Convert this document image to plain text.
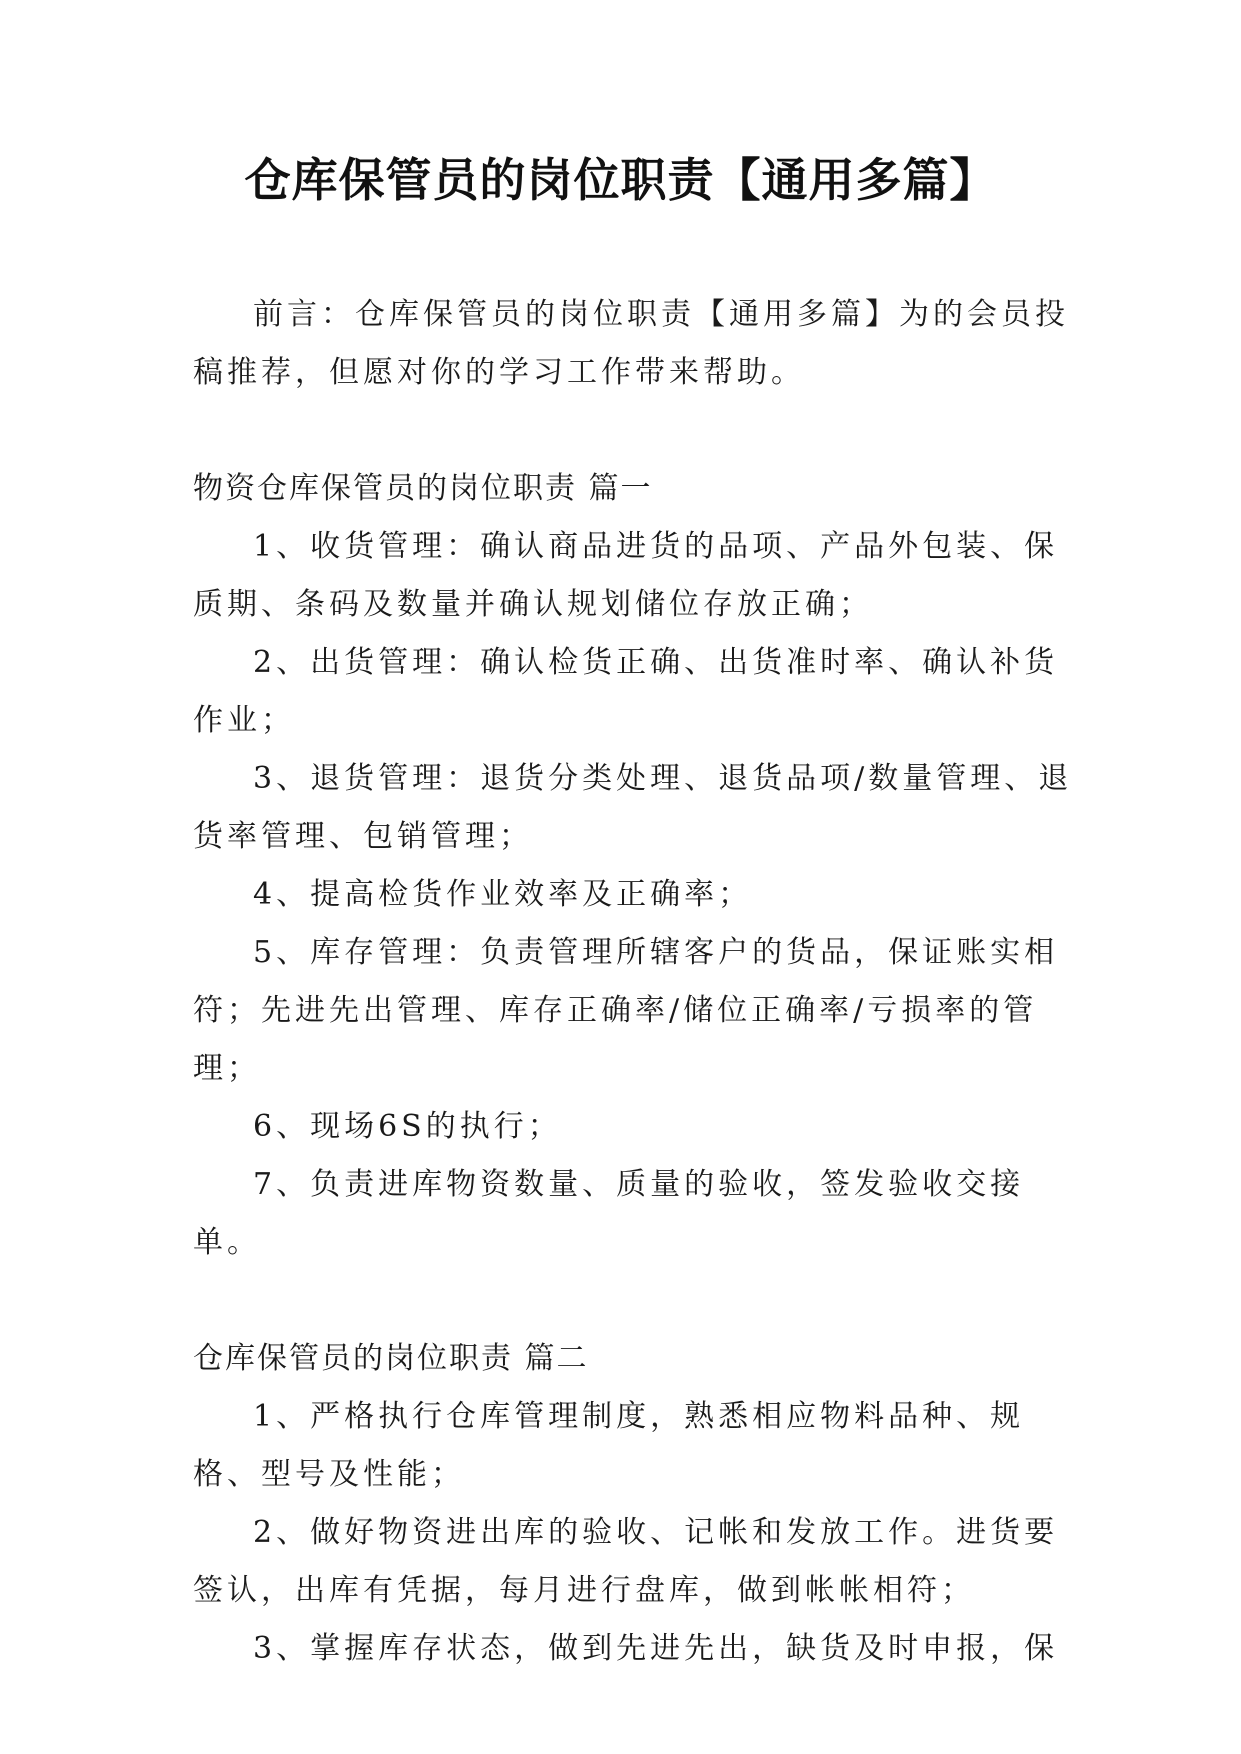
仓库保管员的岗位职责【通用多篇】

前言：仓库保管员的岗位职责【通用多篇】为的会员投稿推荐，但愿对你的学习工作带来帮助。

物资仓库保管员的岗位职责 篇一

1、收货管理：确认商品进货的品项、产品外包装、保质期、条码及数量并确认规划储位存放正确；

2、出货管理：确认检货正确、出货准时率、确认补货作业；

3、退货管理：退货分类处理、退货品项/数量管理、退货率管理、包销管理；

4、提高检货作业效率及正确率；

5、库存管理：负责管理所辖客户的货品，保证账实相符；先进先出管理、库存正确率/储位正确率/亏损率的管理；

6、现场6S的执行；

7、负责进库物资数量、质量的验收，签发验收交接单。

仓库保管员的岗位职责 篇二

1、严格执行仓库管理制度，熟悉相应物料品种、规格、型号及性能；

2、做好物资进出库的验收、记帐和发放工作。进货要签认，出库有凭据，每月进行盘库，做到帐帐相符；

3、掌握库存状态，做到先进先出，缺货及时申报，保
